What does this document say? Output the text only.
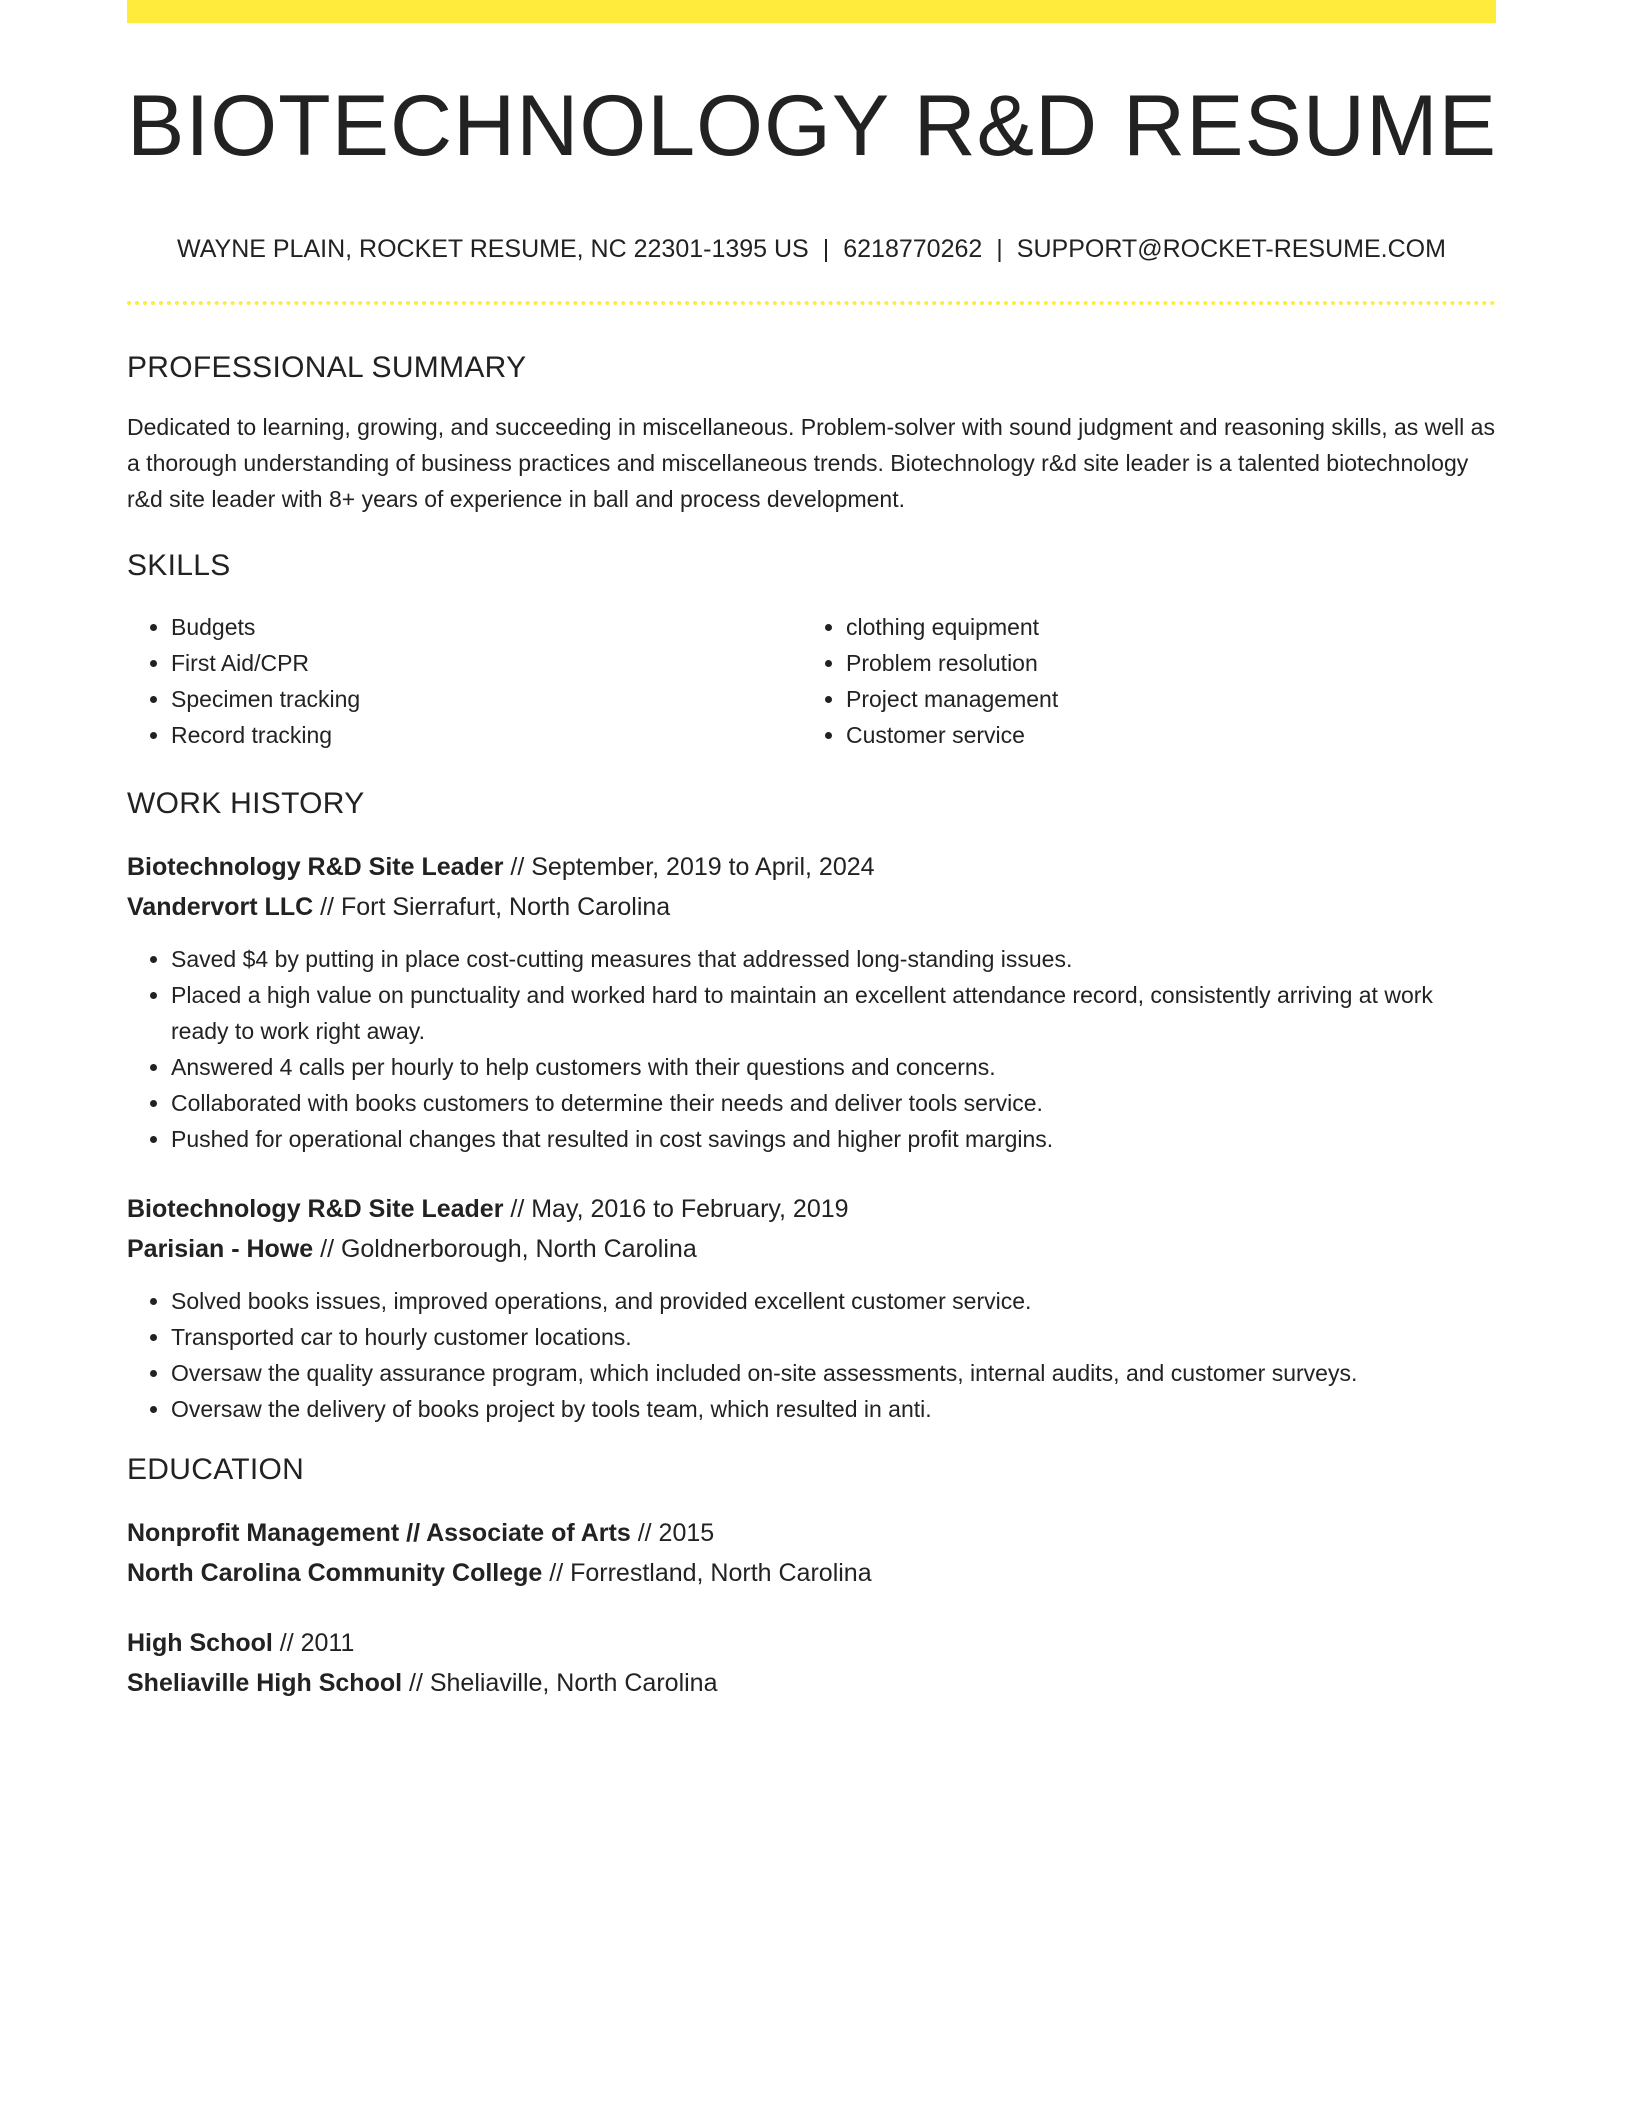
BIOTECHNOLOGY R&D RESUME
WAYNE PLAIN, ROCKET RESUME, NC 22301-1395 US | 6218770262 | SUPPORT@ROCKET-RESUME.COM
PROFESSIONAL SUMMARY
Dedicated to learning, growing, and succeeding in miscellaneous. Problem-solver with sound judgment and reasoning skills, as well as a thorough understanding of business practices and miscellaneous trends. Biotechnology r&d site leader is a talented biotechnology r&d site leader with 8+ years of experience in ball and process development.
SKILLS
• Budgets
• First Aid/CPR
• Specimen tracking
• Record tracking
• clothing equipment
• Problem resolution
• Project management
• Customer service
WORK HISTORY
Biotechnology R&D Site Leader // September, 2019 to April, 2024
Vandervort LLC // Fort Sierrafurt, North Carolina
• Saved $4 by putting in place cost-cutting measures that addressed long-standing issues.
• Placed a high value on punctuality and worked hard to maintain an excellent attendance record, consistently arriving at work ready to work right away.
• Answered 4 calls per hourly to help customers with their questions and concerns.
• Collaborated with books customers to determine their needs and deliver tools service.
• Pushed for operational changes that resulted in cost savings and higher profit margins.
Biotechnology R&D Site Leader // May, 2016 to February, 2019
Parisian - Howe // Goldnerborough, North Carolina
• Solved books issues, improved operations, and provided excellent customer service.
• Transported car to hourly customer locations.
• Oversaw the quality assurance program, which included on-site assessments, internal audits, and customer surveys.
• Oversaw the delivery of books project by tools team, which resulted in anti.
EDUCATION
Nonprofit Management // Associate of Arts // 2015
North Carolina Community College // Forrestland, North Carolina
High School // 2011
Sheliaville High School // Sheliaville, North Carolina
